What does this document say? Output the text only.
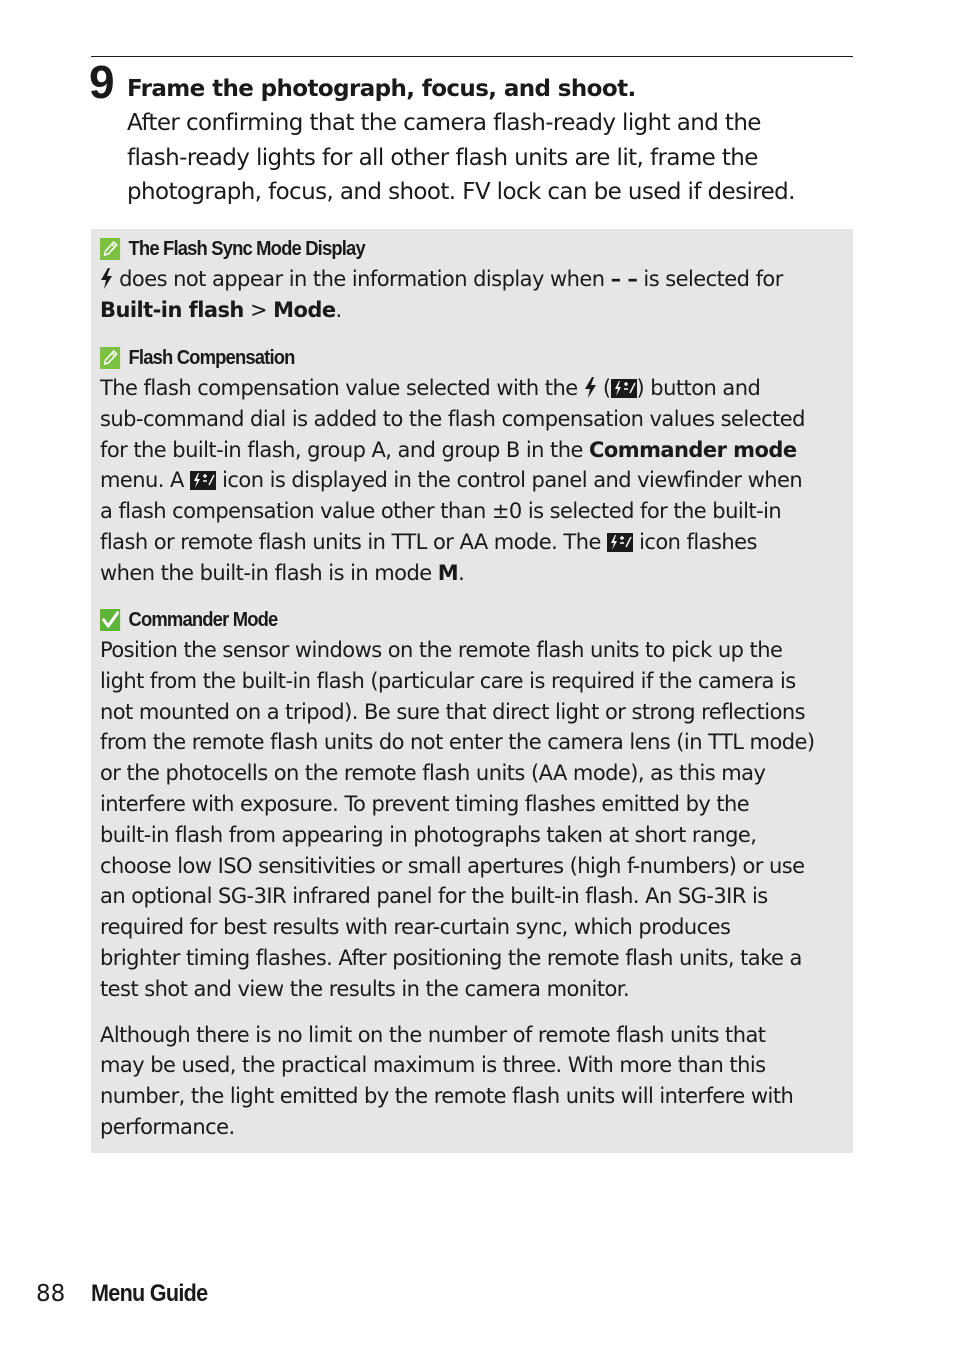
9 Frame the photograph, focus, and shoot.
After confirming that the camera flash-ready light and the
flash-ready lights for all other flash units are lit, frame the
photograph, focus, and shoot. FV lock can be used if desired.
The Flash Sync Mode Display
does not appear in the information display when – – is selected for
Built-in flash > Mode.
Flash Compensation
The flash compensation value selected with the  ( ) button and
sub-command dial is added to the flash compensation values selected
for the built-in flash, group A, and group B in the Commander mode
menu. A  icon is displayed in the control panel and viewfinder when
a flash compensation value other than ±0 is selected for the built-in
flash or remote flash units in TTL or AA mode. The  icon flashes
when the built-in flash is in mode M.
Commander Mode
Position the sensor windows on the remote flash units to pick up the
light from the built-in flash (particular care is required if the camera is
not mounted on a tripod). Be sure that direct light or strong reflections
from the remote flash units do not enter the camera lens (in TTL mode)
or the photocells on the remote flash units (AA mode), as this may
interfere with exposure. To prevent timing flashes emitted by the
built-in flash from appearing in photographs taken at short range,
choose low ISO sensitivities or small apertures (high f-numbers) or use
an optional SG-3IR infrared panel for the built-in flash. An SG-3IR is
required for best results with rear-curtain sync, which produces
brighter timing flashes. After positioning the remote flash units, take a
test shot and view the results in the camera monitor.
Although there is no limit on the number of remote flash units that
may be used, the practical maximum is three. With more than this
number, the light emitted by the remote flash units will interfere with
performance.
88 Menu Guide
